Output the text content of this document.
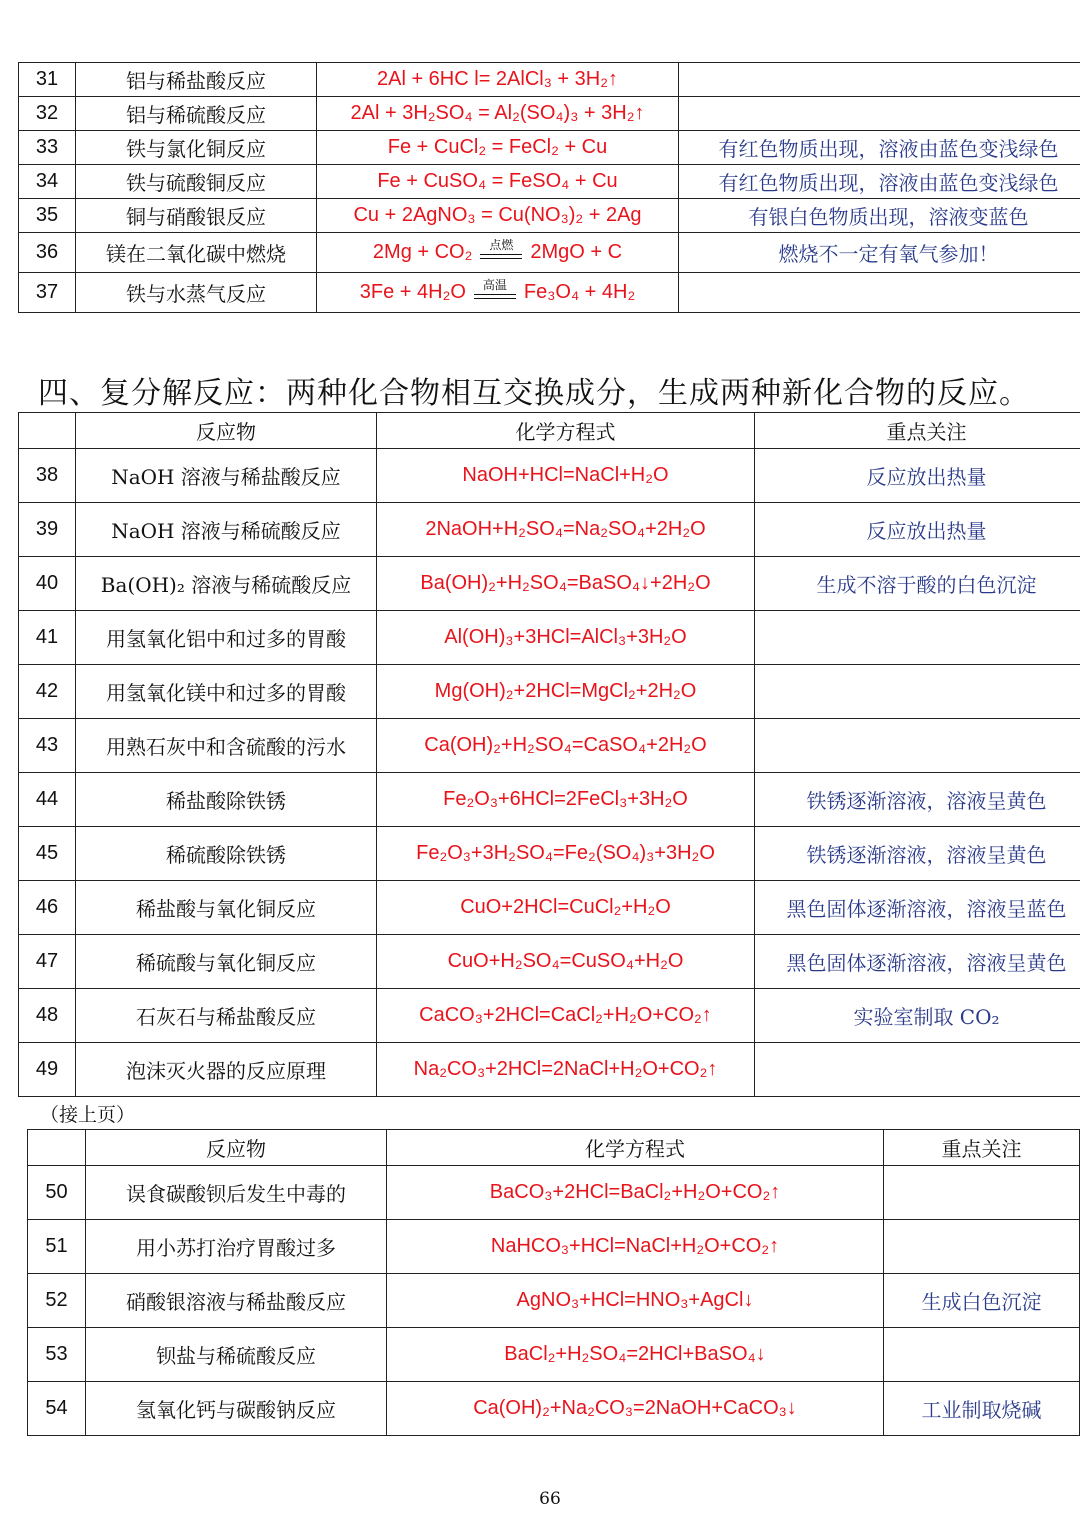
31	铝与稀盐酸反应	2Al + 6HC l= 2AlCl₃ + 3H₂↑	
32	铝与稀硫酸反应	2Al + 3H₂SO₄ = Al₂(SO₄)₃ + 3H₂↑	
33	铁与氯化铜反应	Fe + CuCl₂ = FeCl₂ + Cu	有红色物质出现，溶液由蓝色变浅绿色
34	铁与硫酸铜反应	Fe + CuSO₄ = FeSO₄ + Cu	有红色物质出现，溶液由蓝色变浅绿色
35	铜与硝酸银反应	Cu + 2AgNO₃ = Cu(NO₃)₂ + 2Ag	有银白色物质出现，溶液变蓝色
36	镁在二氧化碳中燃烧	2Mg + CO₂ 点燃 2MgO + C	燃烧不一定有氧气参加！
37	铁与水蒸气反应	3Fe + 4H₂O 高温 Fe₃O₄ + 4H₂	
四、复分解反应：两种化合物相互交换成分，生成两种新化合物的反应。
	反应物	化学方程式	重点关注
38	NaOH 溶液与稀盐酸反应	NaOH+HCl=NaCl+H₂O	反应放出热量
39	NaOH 溶液与稀硫酸反应	2NaOH+H₂SO₄=Na₂SO₄+2H₂O	反应放出热量
40	Ba(OH)₂ 溶液与稀硫酸反应	Ba(OH)₂+H₂SO₄=BaSO₄↓+2H₂O	生成不溶于酸的白色沉淀
41	用氢氧化铝中和过多的胃酸	Al(OH)₃+3HCl=AlCl₃+3H₂O	
42	用氢氧化镁中和过多的胃酸	Mg(OH)₂+2HCl=MgCl₂+2H₂O	
43	用熟石灰中和含硫酸的污水	Ca(OH)₂+H₂SO₄=CaSO₄+2H₂O	
44	稀盐酸除铁锈	Fe₂O₃+6HCl=2FeCl₃+3H₂O	铁锈逐渐溶液，溶液呈黄色
45	稀硫酸除铁锈	Fe₂O₃+3H₂SO₄=Fe₂(SO₄)₃+3H₂O	铁锈逐渐溶液，溶液呈黄色
46	稀盐酸与氧化铜反应	CuO+2HCl=CuCl₂+H₂O	黑色固体逐渐溶液，溶液呈蓝色
47	稀硫酸与氧化铜反应	CuO+H₂SO₄=CuSO₄+H₂O	黑色固体逐渐溶液，溶液呈黄色
48	石灰石与稀盐酸反应	CaCO₃+2HCl=CaCl₂+H₂O+CO₂↑	实验室制取 CO₂
49	泡沫灭火器的反应原理	Na₂CO₃+2HCl=2NaCl+H₂O+CO₂↑	
（接上页）
	反应物	化学方程式	重点关注
50	误食碳酸钡后发生中毒的	BaCO₃+2HCl=BaCl₂+H₂O+CO₂↑	
51	用小苏打治疗胃酸过多	NaHCO₃+HCl=NaCl+H₂O+CO₂↑	
52	硝酸银溶液与稀盐酸反应	AgNO₃+HCl=HNO₃+AgCl↓	生成白色沉淀
53	钡盐与稀硫酸反应	BaCl₂+H₂SO₄=2HCl+BaSO₄↓	
54	氢氧化钙与碳酸钠反应	Ca(OH)₂+Na₂CO₃=2NaOH+CaCO₃↓	工业制取烧碱
66
